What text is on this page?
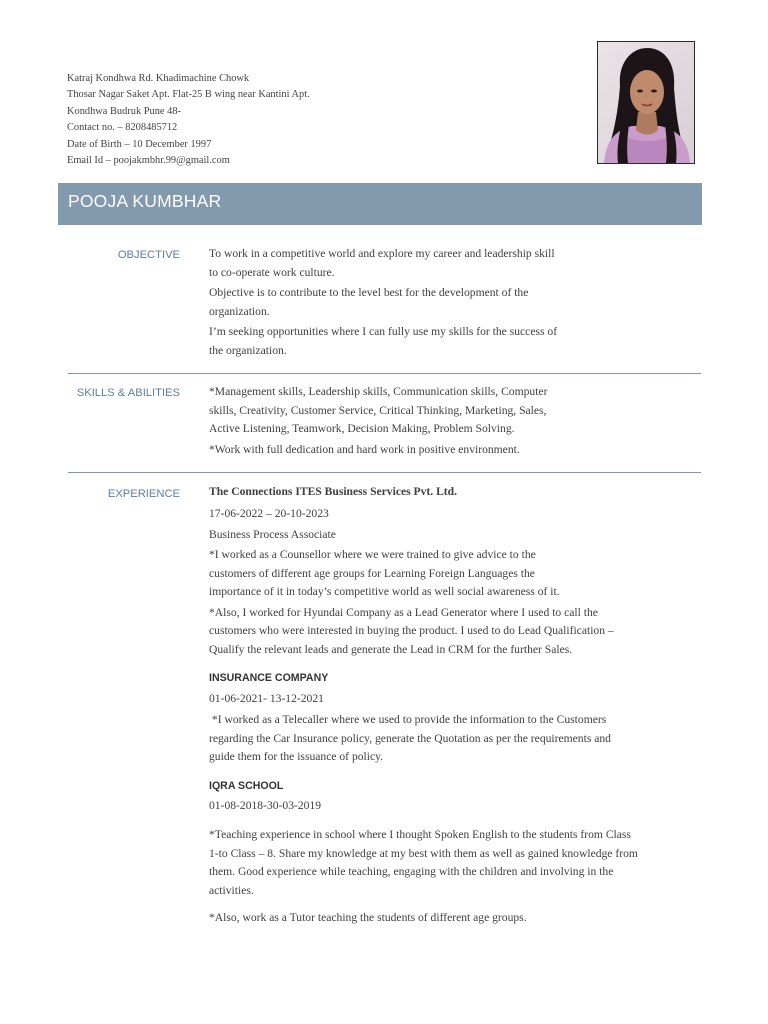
Katraj Kondhwa Rd. Khadimachine Chowk
Thosar Nagar Saket Apt. Flat-25 B wing near Kantini Apt.
Kondhwa Budruk Pune 48-
Contact no. – 8208485712
Date of Birth – 10 December 1997
Email Id – poojakmbhr.99@gmail.com
POOJA KUMBHAR
OBJECTIVE	To work in a competitive world and explore my career and leadership skill
to co-operate work culture.
Objective is to contribute to the level best for the development of the
organization.
I’m seeking opportunities where I can fully use my skills for the success of
the organization.
SKILLS & ABILITIES	*Management skills, Leadership skills, Communication skills, Computer
skills, Creativity, Customer Service, Critical Thinking, Marketing, Sales,
Active Listening, Teamwork, Decision Making, Problem Solving.
*Work with full dedication and hard work in positive environment.
EXPERIENCE	The Connections ITES Business Services Pvt. Ltd.
17-06-2022 – 20-10-2023
Business Process Associate
*I worked as a Counsellor where we were trained to give advice to the
customers of different age groups for Learning Foreign Languages the
importance of it in today’s competitive world as well social awareness of it.
*Also, I worked for Hyundai Company as a Lead Generator where I used to call the
customers who were interested in buying the product. I used to do Lead Qualification –
Qualify the relevant leads and generate the Lead in CRM for the further Sales.
INSURANCE COMPANY
01-06-2021- 13-12-2021
*I worked as a Telecaller where we used to provide the information to the Customers
regarding the Car Insurance policy, generate the Quotation as per the requirements and
guide them for the issuance of policy.
IQRA SCHOOL
01-08-2018-30-03-2019
*Teaching experience in school where I thought Spoken English to the students from Class
1-to Class – 8. Share my knowledge at my best with them as well as gained knowledge from
them. Good experience while teaching, engaging with the children and involving in the
activities.
*Also, work as a Tutor teaching the students of different age groups.
